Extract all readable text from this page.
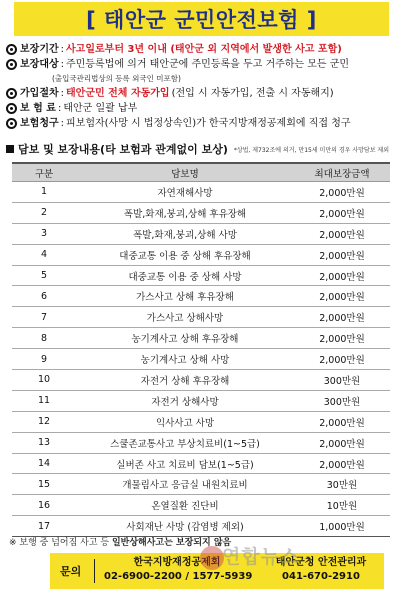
[ 태안군 군민안전보험 ]
보장기간 : 사고일로부터 3년 이내 (태안군 외 지역에서 발생한 사고 포함)
보장대상 : 주민등록법에 의거 태안군에 주민등록을 두고 거주하는 모든 군민
(출입국관리법상의 등록 외국인 미포함)
가입절차 : 태안군민 전체 자동가입 (전입 시 자동가입, 전출 시 자동해지)
보 험 료 : 태안군 일괄 납부
보험청구 : 피보험자(사망 시 법정상속인)가 한국지방재정공제회에 직접 청구
담보 및 보장내용(타 보험과 관계없이 보상) *상법, 제732조에 의거, 만15세 미만의 경우 사망담보 제외
구분	담보명	최대보장금액
1	자연재해사망	2,000만원
2	폭발,화재,붕괴,상해 후유장해	2,000만원
3	폭발,화재,붕괴,상해 사망	2,000만원
4	대중교통 이용 중 상해 후유장해	2,000만원
5	대중교통 이용 중 상해 사망	2,000만원
6	가스사고 상해 후유장해	2,000만원
7	가스사고 상해사망	2,000만원
8	농기계사고 상해 후유장해	2,000만원
9	농기계사고 상해 사망	2,000만원
10	자전거 상해 후유장해	300만원
11	자전거 상해사망	300만원
12	익사사고 사망	2,000만원
13	스쿨존교통사고 부상치료비(1~5급)	2,000만원
14	실버존 사고 치료비 담보(1~5급)	2,000만원
15	개물림사고 응급실 내원치료비	30만원
16	온열질환 진단비	10만원
17	사회재난 사망 (감염병 제외)	1,000만원
※ 보행 중 넘어짐 사고 등 일반상해사고는 보장되지 않음
문의
한국지방재정공제회
02-6900-2200 / 1577-5939
태안군청 안전관리과
041-670-2910
연합뉴스
